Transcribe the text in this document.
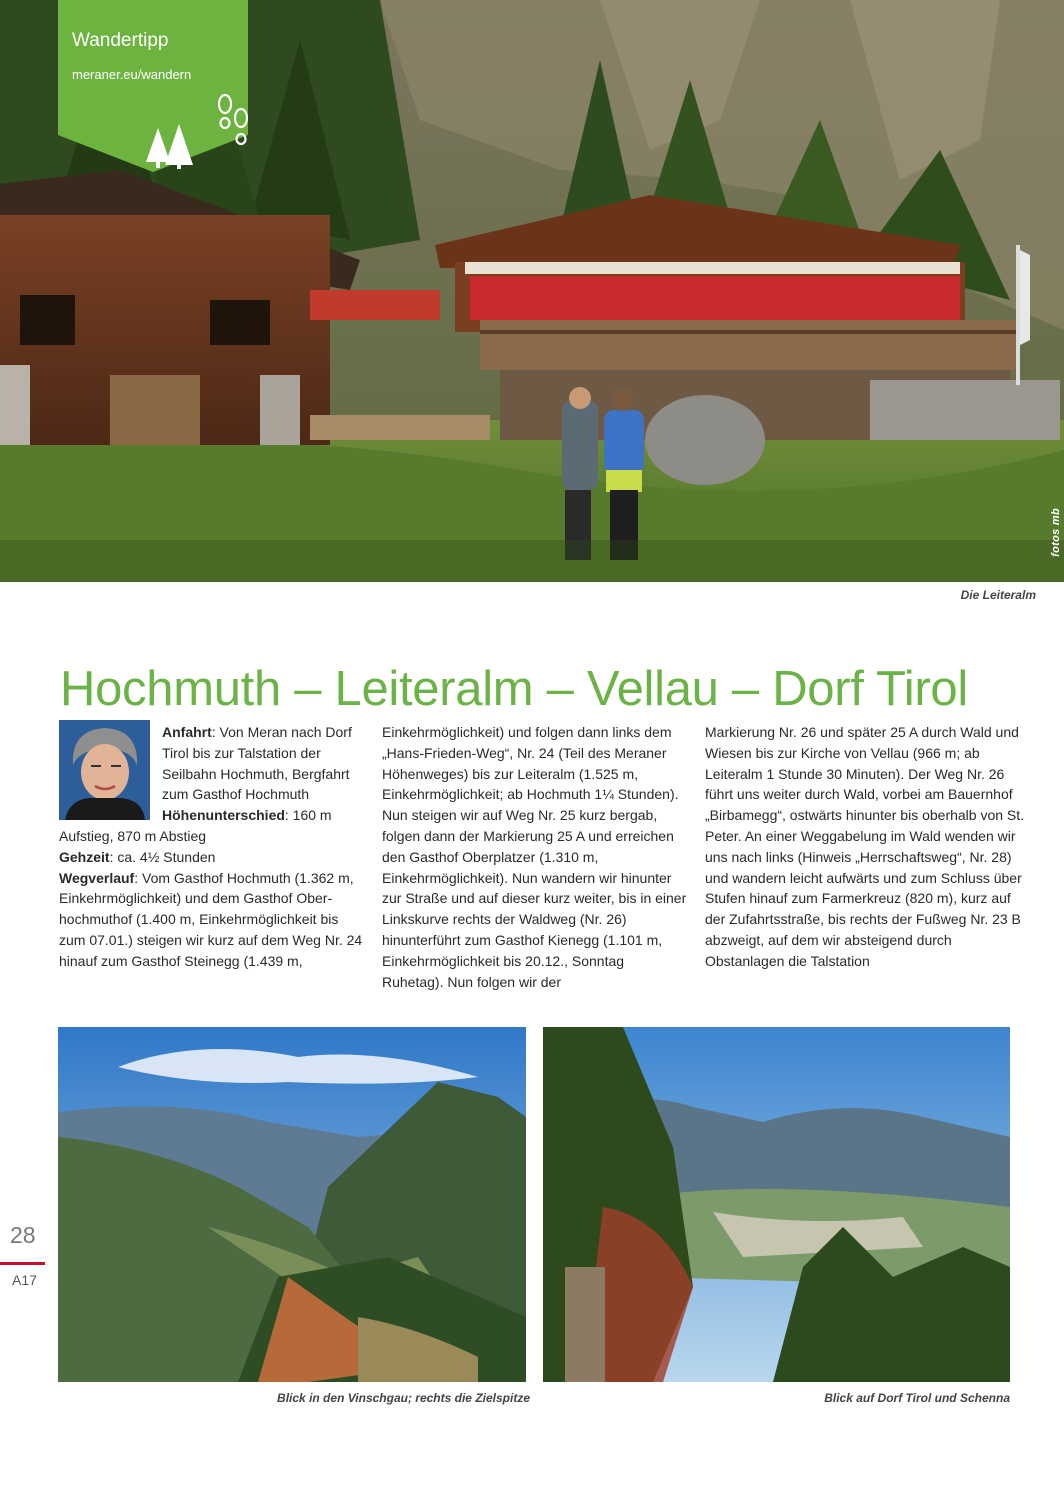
fotos mb
Wandertipp
meraner.eu/wandern
Die Leiteralm
Hochmuth – Leiteralm – Vellau – Dorf Tirol
Anfahrt: Von Meran nach Dorf Tirol bis zur Talstation der Seilbahn Hochmuth, Bergfahrt zum Gasthof Hochmuth
Höhenunterschied: 160 m Aufstieg, 870 m Abstieg
Gehzeit: ca. 4½ Stunden
Wegverlauf: Vom Gasthof Hochmuth (1.362 m, Einkehrmöglichkeit) und dem Gasthof Oberhochmuthof (1.400 m, Einkehrmöglichkeit bis zum 07.01.) steigen wir kurz auf dem Weg Nr. 24 hinauf zum Gasthof Steinegg (1.439 m,
Einkehrmöglichkeit) und folgen dann links dem „Hans-Frieden-Weg“, Nr. 24 (Teil des Meraner Höhenweges) bis zur Leiteralm (1.525 m, Einkehrmöglichkeit; ab Hochmuth 1¼ Stunden). Nun steigen wir auf Weg Nr. 25 kurz bergab, folgen dann der Markierung 25 A und erreichen den Gasthof Oberplatzer (1.310 m, Einkehrmöglichkeit). Nun wandern wir hinunter zur Straße und auf dieser kurz weiter, bis in einer Linkskurve rechts der Waldweg (Nr. 26) hinunterführt zum Gasthof Kienegg (1.101 m, Einkehrmöglichkeit bis 20.12., Sonntag Ruhetag). Nun folgen wir der
Markierung Nr. 26 und später 25 A durch Wald und Wiesen bis zur Kirche von Vellau (966 m; ab Leiteralm 1 Stunde 30 Minuten). Der Weg Nr. 26 führt uns weiter durch Wald, vorbei am Bauernhof „Birbamegg“, ostwärts hinunter bis oberhalb von St. Peter. An einer Weggabelung im Wald wenden wir uns nach links (Hinweis „Herrschaftsweg“, Nr. 28) und wandern leicht aufwärts und zum Schluss über Stufen hinauf zum Farmerkreuz (820 m), kurz auf der Zufahrtsstraße, bis rechts der Fußweg Nr. 23 B abzweigt, auf dem wir absteigend durch Obstanlagen die Talstation
Blick in den Vinschgau; rechts die Zielspitze	Blick auf Dorf Tirol und Schenna
28
A17
